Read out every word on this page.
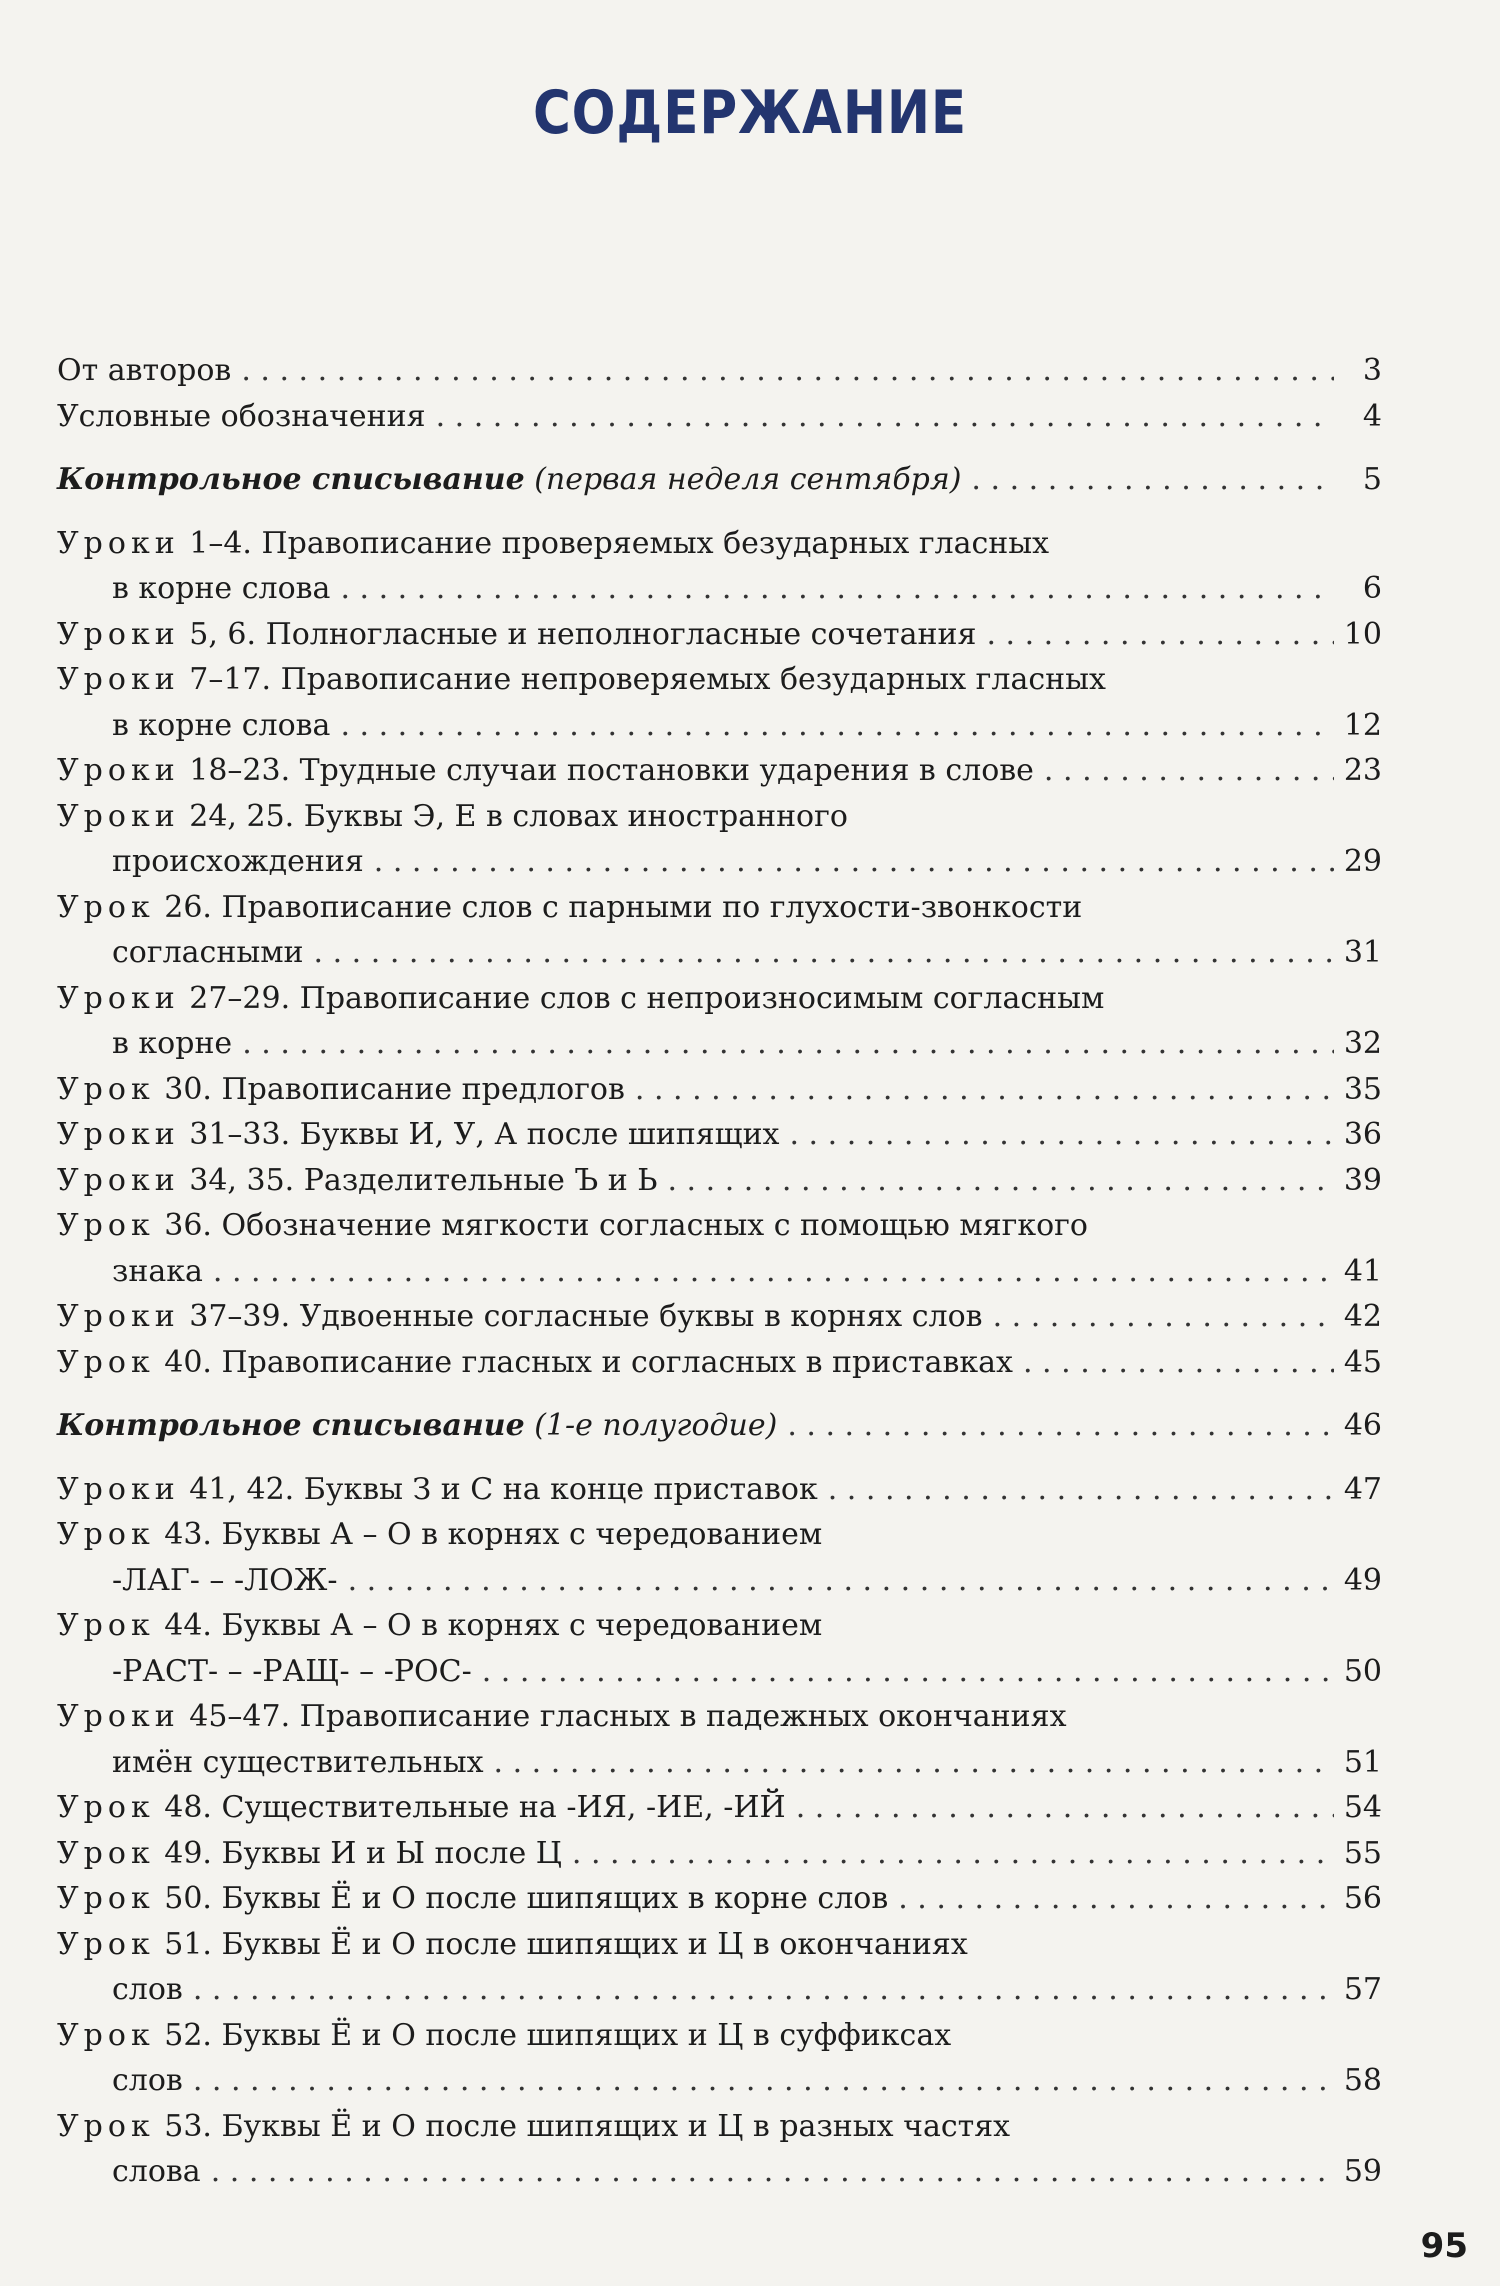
СОДЕРЖАНИЕ
От авторов . . .	3
Условные обозначения . . .	4
Контрольное списывание (первая неделя сентября) . . .	5
Уроки 1–4. Правописание проверяемых безударных гласных
в корне слова . . .	6
Уроки 5, 6. Полногласные и неполногласные сочетания . . .	10
Уроки 7–17. Правописание непроверяемых безударных гласных
в корне слова . . .	12
Уроки 18–23. Трудные случаи постановки ударения в слове . . .	23
Уроки 24, 25. Буквы Э, Е в словах иностранного
происхождения . . .	29
Урок 26. Правописание слов с парными по глухости-звонкости
согласными . . .	31
Уроки 27–29. Правописание слов с непроизносимым согласным
в корне . . .	32
Урок 30. Правописание предлогов . . .	35
Уроки 31–33. Буквы И, У, А после шипящих . . .	36
Уроки 34, 35. Разделительные Ъ и Ь . . .	39
Урок 36. Обозначение мягкости согласных с помощью мягкого
знака . . .	41
Уроки 37–39. Удвоенные согласные буквы в корнях слов . . .	42
Урок 40. Правописание гласных и согласных в приставках . . .	45
Контрольное списывание (1-е полугодие) . . .	46
Уроки 41, 42. Буквы З и С на конце приставок . . .	47
Урок 43. Буквы А – О в корнях с чередованием
-ЛАГ- – -ЛОЖ- . . .	49
Урок 44. Буквы А – О в корнях с чередованием
-РАСТ- – -РАЩ- – -РОС- . . .	50
Уроки 45–47. Правописание гласных в падежных окончаниях
имён существительных . . .	51
Урок 48. Существительные на -ИЯ, -ИЕ, -ИЙ . . .	54
Урок 49. Буквы И и Ы после Ц . . .	55
Урок 50. Буквы Ё и О после шипящих в корне слов . . .	56
Урок 51. Буквы Ё и О после шипящих и Ц в окончаниях
слов . . .	57
Урок 52. Буквы Ё и О после шипящих и Ц в суффиксах
слов . . .	58
Урок 53. Буквы Ё и О после шипящих и Ц в разных частях
слова . . .	59
95
